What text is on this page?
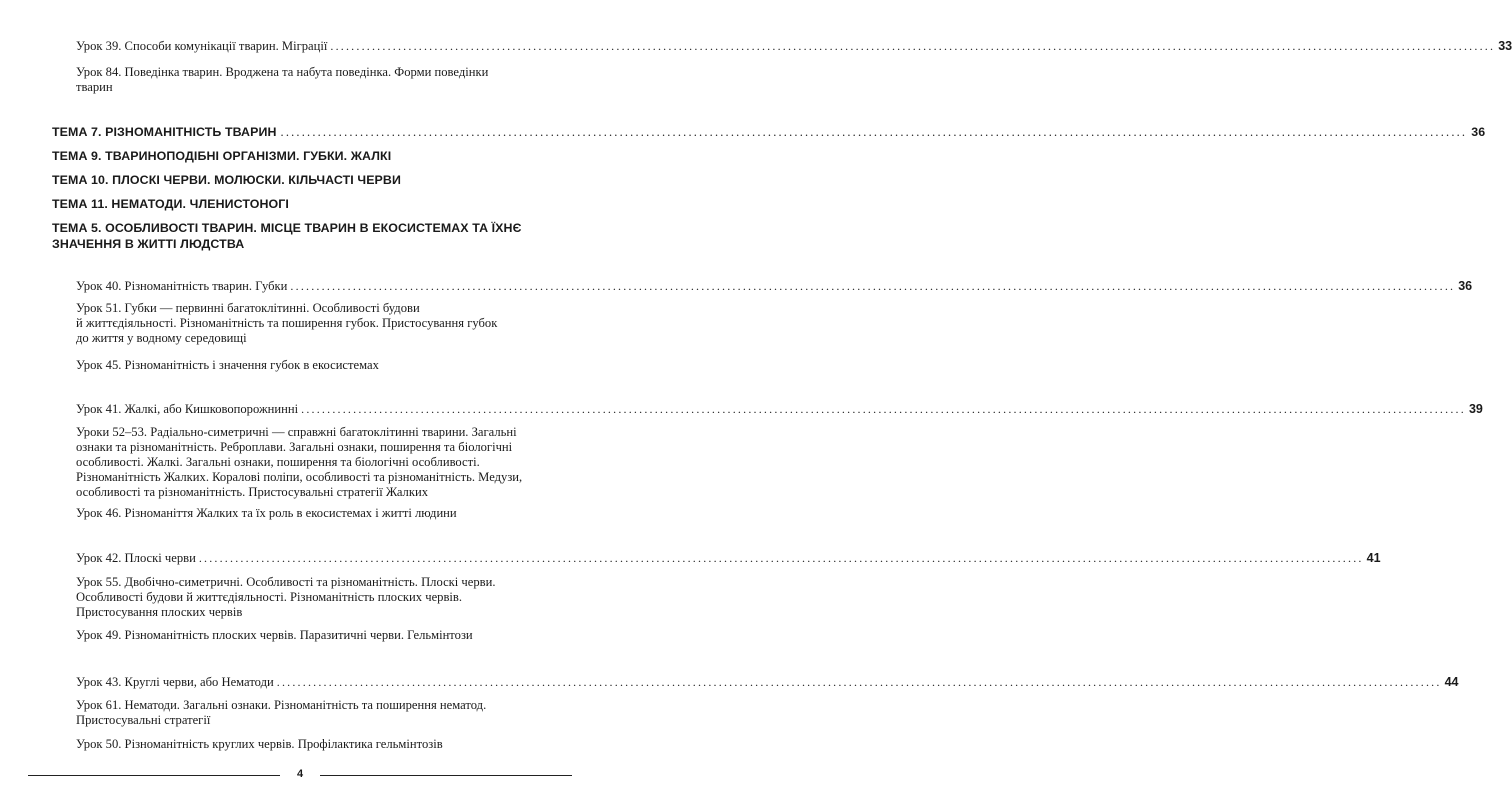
Урок 39. Способи комунікації тварин. Міграції ................................................................................................................................................................................................................................ 33
Урок 84. Поведінка тварин. Вроджена та набута поведінка. Форми поведінки
тварин
ТЕМА 7. РІЗНОМАНІТНІСТЬ ТВАРИН ................................................................................................................................................................................................................................ 36
ТЕМА 9. ТВАРИНОПОДІБНІ ОРГАНІЗМИ. ГУБКИ. ЖАЛКІ
ТЕМА 10. ПЛОСКІ ЧЕРВИ. МОЛЮСКИ. КІЛЬЧАСТІ ЧЕРВИ
ТЕМА 11. НЕМАТОДИ. ЧЛЕНИСТОНОГІ
ТЕМА 5. ОСОБЛИВОСТІ ТВАРИН. МІСЦЕ ТВАРИН В ЕКОСИСТЕМАХ ТА ЇХНЄ
ЗНАЧЕННЯ В ЖИТТІ ЛЮДСТВА
Урок 40. Різноманітність тварин. Губки ................................................................................................................................................................................................................................ 36
Урок 51. Губки — первинні багатоклітинні. Особливості будови
й життєдіяльності. Різноманітність та поширення губок. Пристосування губок
до життя у водному середовищі
Урок 45. Різноманітність і значення губок в екосистемах
Урок 41. Жалкі, або Кишковопорожнинні ................................................................................................................................................................................................................................ 39
Уроки 52–53. Радіально-симетричні — справжні багатоклітинні тварини. Загальні
ознаки та різноманітність. Реброплави. Загальні ознаки, поширення та біологічні
особливості. Жалкі. Загальні ознаки, поширення та біологічні особливості.
Різноманітність Жалких. Коралові поліпи, особливості та різноманітність. Медузи,
особливості та різноманітність. Пристосувальні стратегії Жалких
Урок 46. Різноманіття Жалких та їх роль в екосистемах і житті людини
Урок 42. Плоскі черви ................................................................................................................................................................................................................................ 41
Урок 55. Двобічно-симетричні. Особливості та різноманітність. Плоскі черви.
Особливості будови й життєдіяльності. Різноманітність плоских червів.
Пристосування плоских червів
Урок 49. Різноманітність плоских червів. Паразитичні черви. Гельмінтози
Урок 43. Круглі черви, або Нематоди ................................................................................................................................................................................................................................ 44
Урок 61. Нематоди. Загальні ознаки. Різноманітність та поширення нематод.
Пристосувальні стратегії
Урок 50. Різноманітність круглих червів. Профілактика гельмінтозів
4
